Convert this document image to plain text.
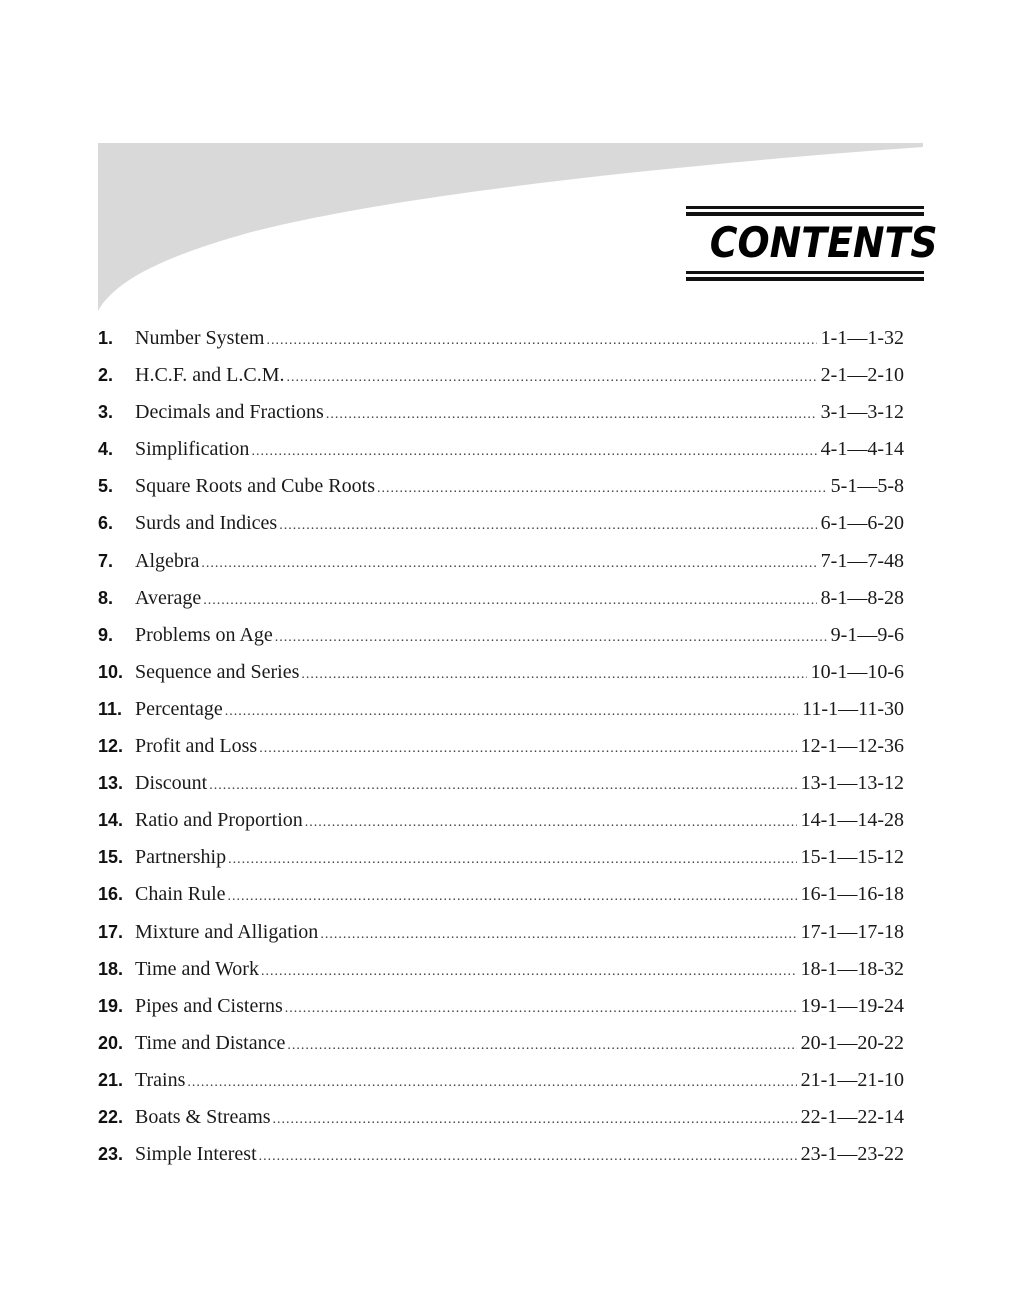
CONTENTS
1.	Number System .....	1-1—1-32
2.	H.C.F. and L.C.M. .....	2-1—2-10
3.	Decimals and Fractions .....	3-1—3-12
4.	Simplification .....	4-1—4-14
5.	Square Roots and Cube Roots .....	5-1—5-8
6.	Surds and Indices .....	6-1—6-20
7.	Algebra .....	7-1—7-48
8.	Average .....	8-1—8-28
9.	Problems on Age .....	9-1—9-6
10. Sequence and Series .....	10-1—10-6
11. Percentage .....	11-1—11-30
12. Profit and Loss .....	12-1—12-36
13. Discount .....	13-1—13-12
14. Ratio and Proportion .....	14-1—14-28
15. Partnership .....	15-1—15-12
16. Chain Rule .....	16-1—16-18
17. Mixture and Alligation .....	17-1—17-18
18. Time and Work .....	18-1—18-32
19. Pipes and Cisterns .....	19-1—19-24
20. Time and Distance .....	20-1—20-22
21. Trains .....	21-1—21-10
22. Boats & Streams .....	22-1—22-14
23. Simple Interest .....	23-1—23-22
